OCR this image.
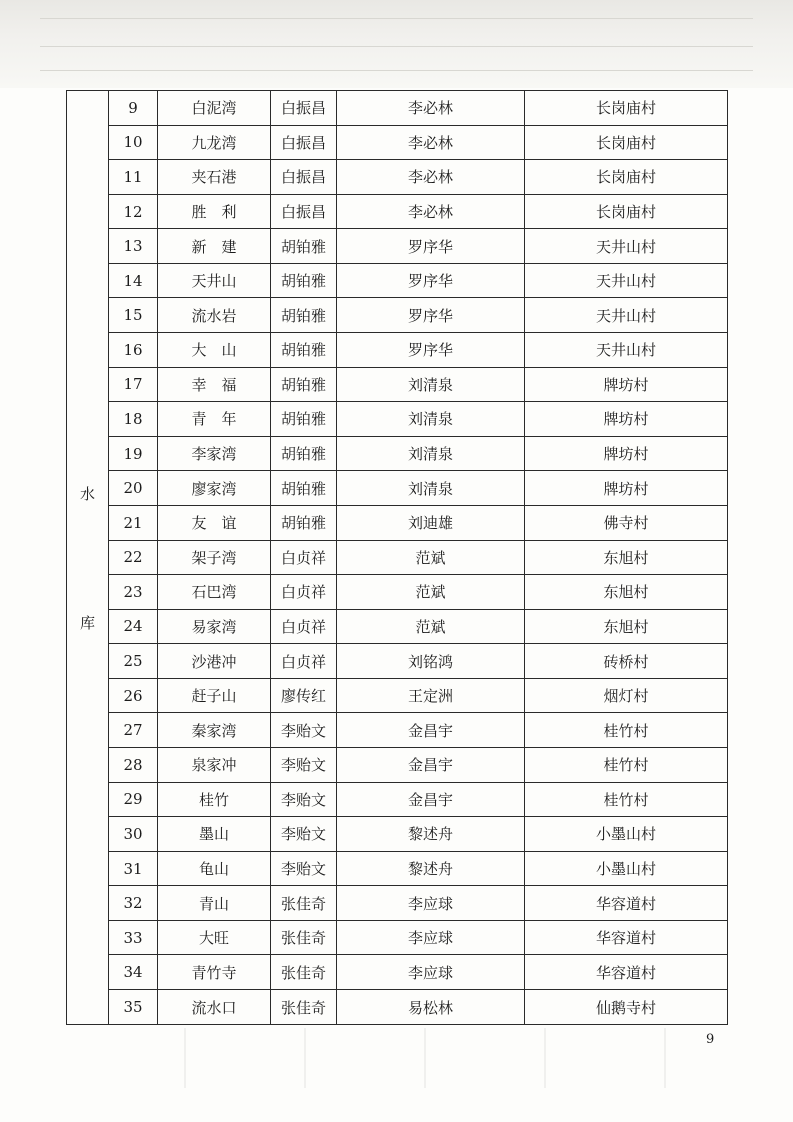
水
库	9	白泥湾	白振昌	李必林	长岗庙村
	10	九龙湾	白振昌	李必林	长岗庙村
	11	夹石港	白振昌	李必林	长岗庙村
	12	胜　利	白振昌	李必林	长岗庙村
	13	新　建	胡铂雅	罗序华	天井山村
	14	天井山	胡铂雅	罗序华	天井山村
	15	流水岩	胡铂雅	罗序华	天井山村
	16	大　山	胡铂雅	罗序华	天井山村
	17	幸　福	胡铂雅	刘清泉	牌坊村
	18	青　年	胡铂雅	刘清泉	牌坊村
	19	李家湾	胡铂雅	刘清泉	牌坊村
	20	廖家湾	胡铂雅	刘清泉	牌坊村
	21	友　谊	胡铂雅	刘迪雄	佛寺村
	22	架子湾	白贞祥	范斌	东旭村
	23	石巴湾	白贞祥	范斌	东旭村
	24	易家湾	白贞祥	范斌	东旭村
	25	沙港冲	白贞祥	刘铭鸿	砖桥村
	26	赶子山	廖传红	王定洲	烟灯村
	27	秦家湾	李贻文	金昌宇	桂竹村
	28	泉家冲	李贻文	金昌宇	桂竹村
	29	桂竹	李贻文	金昌宇	桂竹村
	30	墨山	李贻文	黎述舟	小墨山村
	31	龟山	李贻文	黎述舟	小墨山村
	32	青山	张佳奇	李应球	华容道村
	33	大旺	张佳奇	李应球	华容道村
	34	青竹寺	张佳奇	李应球	华容道村
	35	流水口	张佳奇	易松林	仙鹅寺村
9
